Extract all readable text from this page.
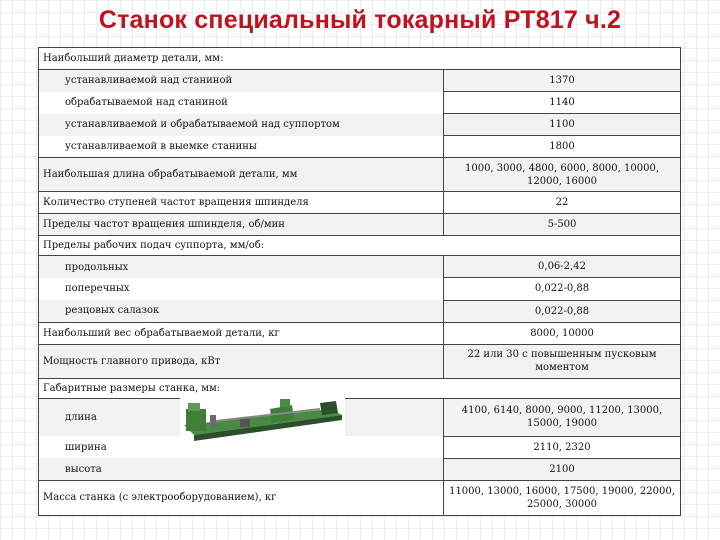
Станок специальный токарный РТ817 ч.2
Наибольший диаметр детали, мм:	
устанавливаемой над станиной	1370
обрабатываемой над станиной	1140
устанавливаемой и обрабатываемой над суппортом	1100
устанавливаемой в выемке станины	1800
Наибольшая длина обрабатываемой детали, мм	1000, 3000, 4800, 6000, 8000, 10000, 12000, 16000
Количество ступеней частот вращения шпинделя	22
Пределы частот вращения шпинделя, об/мин	5-500
Пределы рабочих подач суппорта, мм/об:	
продольных	0,06-2,42
поперечных	0,022-0,88
резцовых салазок	0,022-0,88
Наибольший вес обрабатываемой детали, кг	8000, 10000
Мощность главного привода, кВт	22 или 30 с повышенным пусковым моментом
Габаритные размеры станка, мм:	
длина	4100, 6140, 8000, 9000, 11200, 13000, 15000, 19000
ширина	2110, 2320
высота	2100
Масса станка (с электрооборудованием), кг	11000, 13000, 16000, 17500, 19000, 22000, 25000, 30000
